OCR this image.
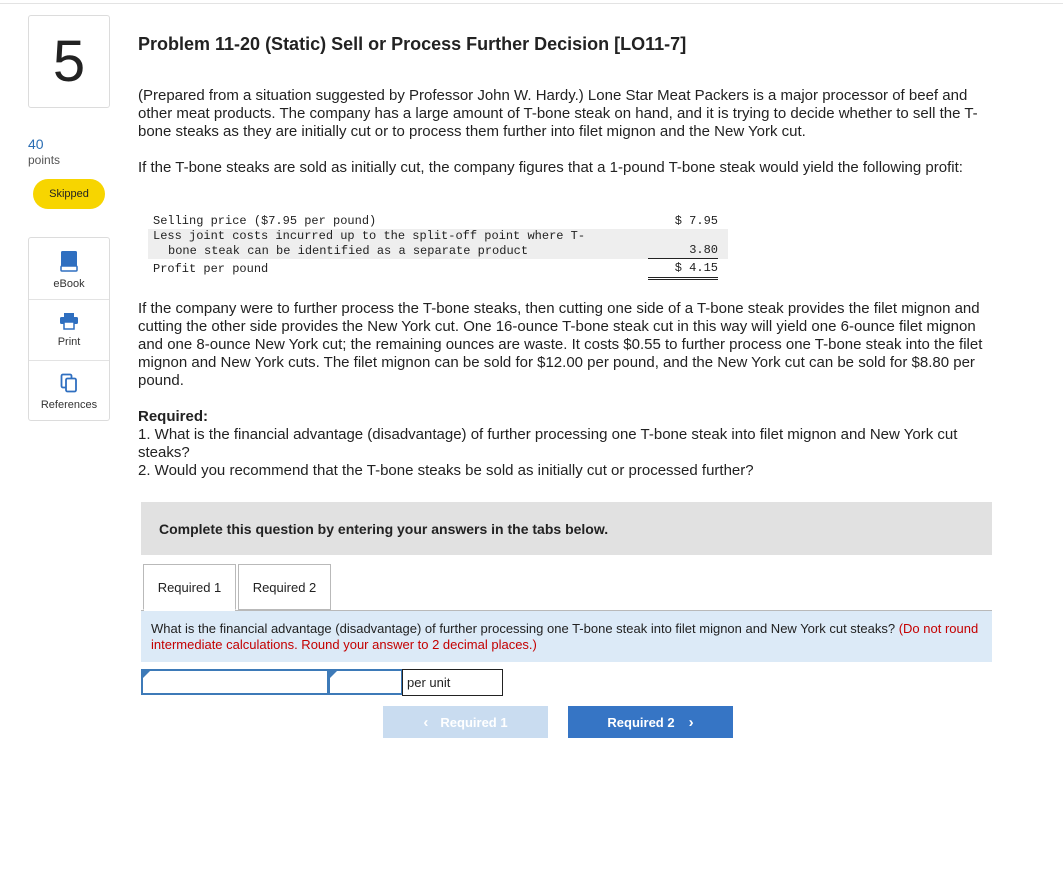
5
40
points
Skipped
eBook
Print
References
Problem 11-20 (Static) Sell or Process Further Decision [LO11-7]

(Prepared from a situation suggested by Professor John W. Hardy.) Lone Star Meat Packers is a major processor of beef and other meat products. The company has a large amount of T-bone steak on hand, and it is trying to decide whether to sell the T-bone steaks as they are initially cut or to process them further into filet mignon and the New York cut.

If the T-bone steaks are sold as initially cut, the company figures that a 1-pound T-bone steak would yield the following profit:

Selling price ($7.95 per pound)	$ 7.95
Less joint costs incurred up to the split-off point where T-
bone steak can be identified as a separate product	3.80
Profit per pound	$ 4.15

If the company were to further process the T-bone steaks, then cutting one side of a T-bone steak provides the filet mignon and cutting the other side provides the New York cut. One 16-ounce T-bone steak cut in this way will yield one 6-ounce filet mignon and one 8-ounce New York cut; the remaining ounces are waste. It costs $0.55 to further process one T-bone steak into the filet mignon and New York cuts. The filet mignon can be sold for $12.00 per pound, and the New York cut can be sold for $8.80 per pound.

Required:
1. What is the financial advantage (disadvantage) of further processing one T-bone steak into filet mignon and New York cut steaks?
2. Would you recommend that the T-bone steaks be sold as initially cut or processed further?
Complete this question by entering your answers in the tabs below.
Required 1 Required 2
What is the financial advantage (disadvantage) of further processing one T-bone steak into filet mignon and New York cut steaks? (Do not round intermediate calculations. Round your answer to 2 decimal places.)
per unit
‹ Required 1	Required 2 ›
